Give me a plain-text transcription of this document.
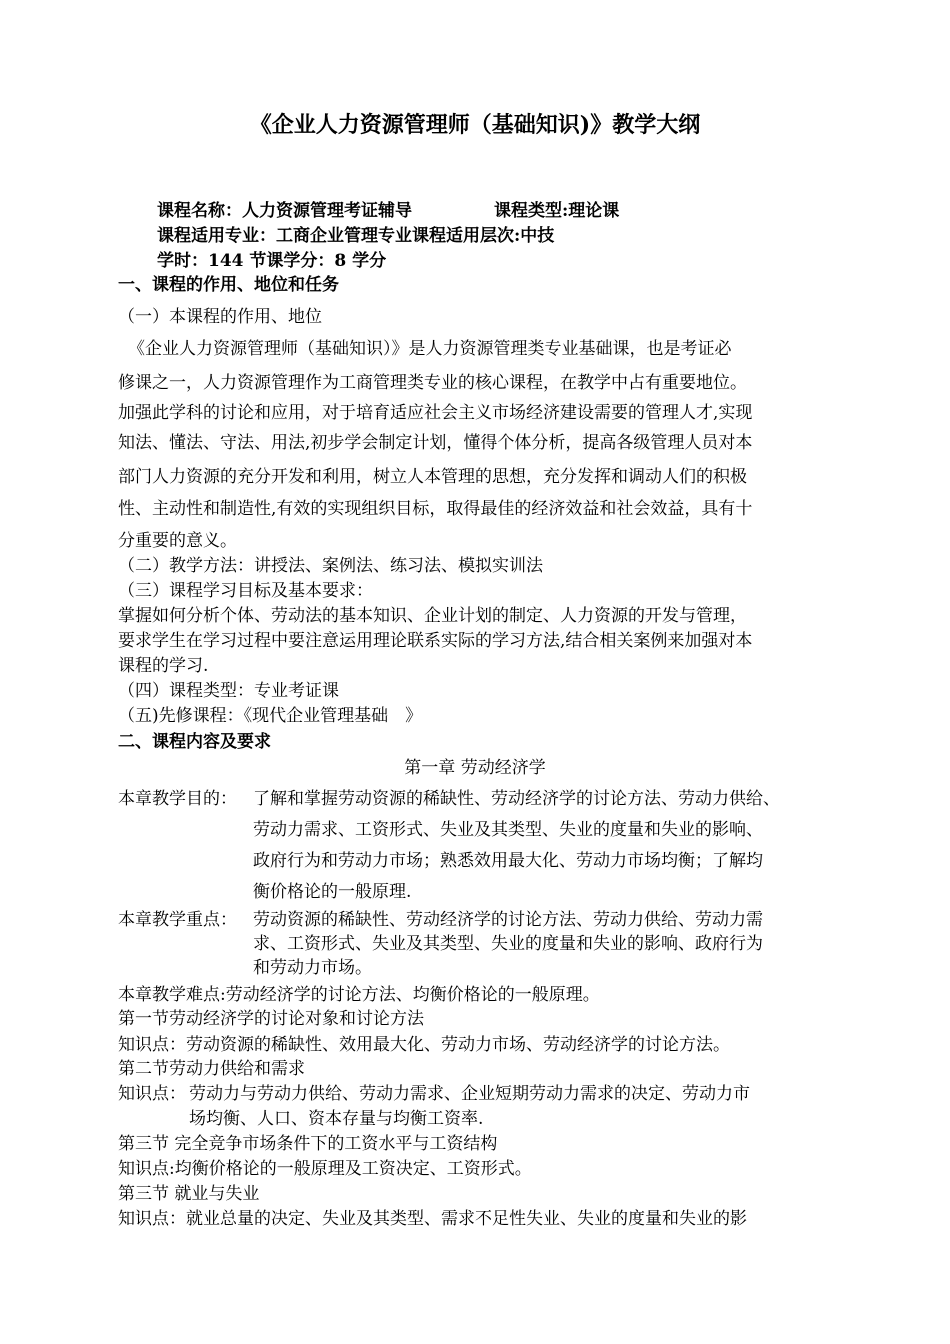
《企业人力资源管理师（基础知识)》教学大纲
课程名称：人力资源管理考证辅导	课程类型:理论课
课程适用专业：工商企业管理专业课程适用层次:中技
学时：144 节课学分：8 学分
一、课程的作用、地位和任务
（一）本课程的作用、地位
《企业人力资源管理师（基础知识）》是人力资源管理类专业基础课，也是考证必
修课之一，人力资源管理作为工商管理类专业的核心课程，在教学中占有重要地位。
加强此学科的讨论和应用，对于培育适应社会主义市场经济建设需要的管理人才,实现
知法、懂法、守法、用法,初步学会制定计划，懂得个体分析，提高各级管理人员对本
部门人力资源的充分开发和利用，树立人本管理的思想，充分发挥和调动人们的积极
性、主动性和制造性,有效的实现组织目标，取得最佳的经济效益和社会效益，具有十
分重要的意义。
（二）教学方法：讲授法、案例法、练习法、模拟实训法
（三）课程学习目标及基本要求：
掌握如何分析个体、劳动法的基本知识、企业计划的制定、人力资源的开发与管理，
要求学生在学习过程中要注意运用理论联系实际的学习方法,结合相关案例来加强对本
课程的学习.
（四）课程类型：专业考证课
（五)先修课程：《现代企业管理基础　》
二、课程内容及要求
第一章 劳动经济学
本章教学目的： 了解和掌握劳动资源的稀缺性、劳动经济学的讨论方法、劳动力供给、
劳动力需求、工资形式、失业及其类型、失业的度量和失业的影响、
政府行为和劳动力市场；熟悉效用最大化、劳动力市场均衡；了解均
衡价格论的一般原理.
本章教学重点： 劳动资源的稀缺性、劳动经济学的讨论方法、劳动力供给、劳动力需
求、工资形式、失业及其类型、失业的度量和失业的影响、政府行为
和劳动力市场。
本章教学难点:劳动经济学的讨论方法、均衡价格论的一般原理。
第一节劳动经济学的讨论对象和讨论方法
知识点：劳动资源的稀缺性、效用最大化、劳动力市场、劳动经济学的讨论方法。
第二节劳动力供给和需求
知识点： 劳动力与劳动力供给、劳动力需求、企业短期劳动力需求的决定、劳动力市
场均衡、人口、资本存量与均衡工资率.
第三节 完全竞争市场条件下的工资水平与工资结构
知识点:均衡价格论的一般原理及工资决定、工资形式。
第三节 就业与失业
知识点：就业总量的决定、失业及其类型、需求不足性失业、失业的度量和失业的影
